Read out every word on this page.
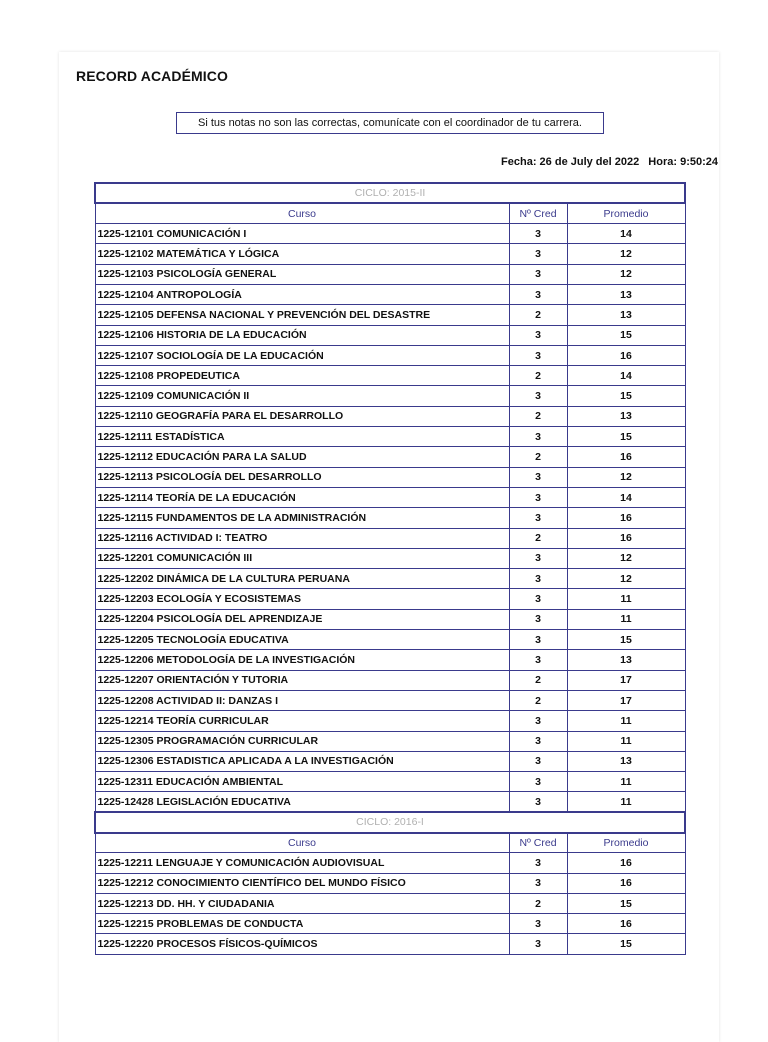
RECORD ACADÉMICO
Si tus notas no son las correctas, comunícate con el coordinador de tu carrera.
Fecha: 26 de July del 2022 Hora: 9:50:24
CICLO: 2015-II		
Curso	Nº Cred	Promedio
1225-12101 COMUNICACIÓN I	3	14
1225-12102 MATEMÁTICA Y LÓGICA	3	12
1225-12103 PSICOLOGÍA GENERAL	3	12
1225-12104 ANTROPOLOGÍA	3	13
1225-12105 DEFENSA NACIONAL Y PREVENCIÓN DEL DESASTRE	2	13
1225-12106 HISTORIA DE LA EDUCACIÓN	3	15
1225-12107 SOCIOLOGÍA DE LA EDUCACIÓN	3	16
1225-12108 PROPEDEUTICA	2	14
1225-12109 COMUNICACIÓN II	3	15
1225-12110 GEOGRAFÍA PARA EL DESARROLLO	2	13
1225-12111 ESTADÍSTICA	3	15
1225-12112 EDUCACIÓN PARA LA SALUD	2	16
1225-12113 PSICOLOGÍA DEL DESARROLLO	3	12
1225-12114 TEORÍA DE LA EDUCACIÓN	3	14
1225-12115 FUNDAMENTOS DE LA ADMINISTRACIÓN	3	16
1225-12116 ACTIVIDAD I: TEATRO	2	16
1225-12201 COMUNICACIÓN III	3	12
1225-12202 DINÁMICA DE LA CULTURA PERUANA	3	12
1225-12203 ECOLOGÍA Y ECOSISTEMAS	3	11
1225-12204 PSICOLOGÍA DEL APRENDIZAJE	3	11
1225-12205 TECNOLOGÍA EDUCATIVA	3	15
1225-12206 METODOLOGÍA DE LA INVESTIGACIÓN	3	13
1225-12207 ORIENTACIÓN Y TUTORIA	2	17
1225-12208 ACTIVIDAD II: DANZAS I	2	17
1225-12214 TEORÍA CURRICULAR	3	11
1225-12305 PROGRAMACIÓN CURRICULAR	3	11
1225-12306 ESTADISTICA APLICADA A LA INVESTIGACIÓN	3	13
1225-12311 EDUCACIÓN AMBIENTAL	3	11
1225-12428 LEGISLACIÓN EDUCATIVA	3	11
CICLO: 2016-I		
Curso	Nº Cred	Promedio
1225-12211 LENGUAJE Y COMUNICACIÓN AUDIOVISUAL	3	16
1225-12212 CONOCIMIENTO CIENTÍFICO DEL MUNDO FÍSICO	3	16
1225-12213 DD. HH. Y CIUDADANIA	2	15
1225-12215 PROBLEMAS DE CONDUCTA	3	16
1225-12220 PROCESOS FÍSICOS-QUÍMICOS	3	15
